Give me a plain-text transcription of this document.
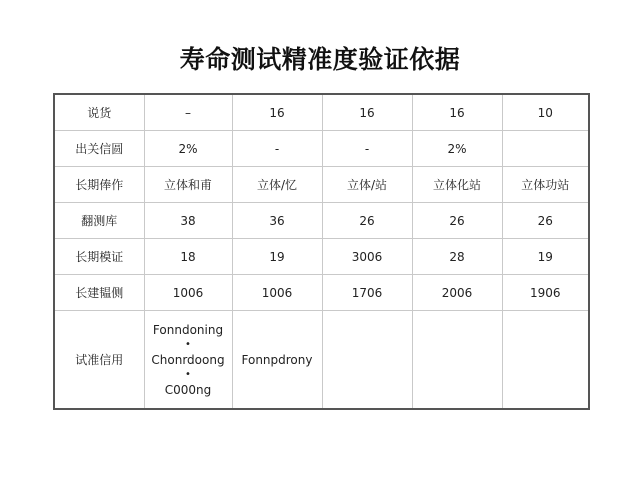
寿命测试精准度验证依据
说货	–	16	16	16	10
出关信圆	2%	-	-	2%	
长期俸作	立体和甫	立体/忆	立体/站	立体化站	立体功站
翻测库	38	36	26	26	26
长期模证	18	19	3006	28	19
长建韫侧	1006	1006	1706	2006	1906
试准信用	Fonndoning
•
Chonrdoong
•
C000ng	Fonnpdrony			
